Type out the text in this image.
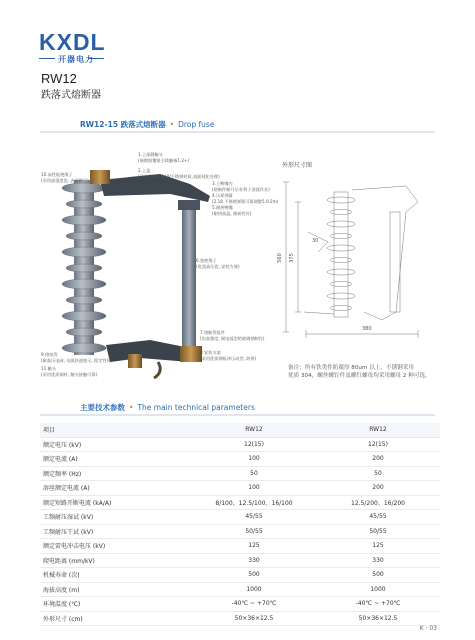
KXDL
开器电力
RW12
跌落式熔断器
RW12-15 跌落式熔断器 • Drop fuse
1.上部静触头
(铜镀银覆银引线触指1.2+)
2.上盖
(采用优质防腐UV不锈钢材质,表面钝化处理)
10.高性能绝缘子
(采用高强度瓷, 表面釉层)
3.上鸭嘴壳
(熔断件断开后有利于消弧作业)
4.压紧弹簧
(2.18 不锈钢弹簧可靠调整5.0.2m)
5.耐热鸭嘴
(耐热高温, 耐候性好)
6.瓷绝缘子
(优质高压瓷, 安装方便)
7.熔断管组件
(由高强度, 耐电弧型的玻璃钢制作)
8.安装支架
(采用优质钢板冲压成型, 防锈)
9.熔丝管
(耐高压电网, 电弧快速熄灭, 稳定性好)
11.触头
(采用优质铜材, 触头接触可靠)
外形尺寸图
560 375
30
380
备注：所有铁类件防腐厚 80um 以上，不锈钢采用
优质 304，螺丝螺钉件及螺钉螺母均采用螺母 2 种可选。
主要技术参数 • The main technical parameters
项目	RW12	RW12
额定电压 (kV)	12(15)	12(15)
额定电流 (A)	100	200
额定频率 (Hz)	50	50
溶丝额定电流 (A)	100	200
额定短路开断电流 (kA/A)	8/100、12.5/100、16/100	12.5/200、16/200
工频耐压湿试 (kV)	45/55	45/55
工频耐压干试 (kV)	50/55	50/55
额定雷电冲击电压 (kV)	125	125
爬电距离 (mm/kV)	330	330
机械寿命 (次)	500	500
海拔高度 (m)	1000	1000
环境温度 (℃)	-40℃ ~ +70℃	-40℃ ~ +70℃
外形尺寸 (cm)	50×36×12.5	50×36×12.5
K · 03
